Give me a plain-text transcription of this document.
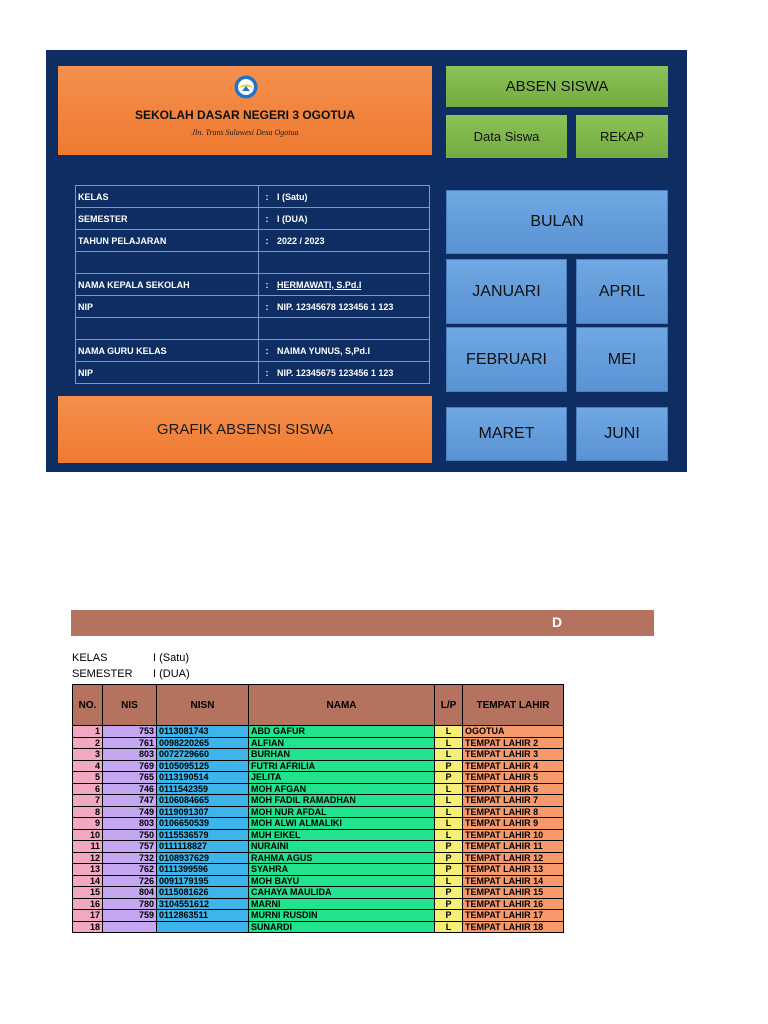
SEKOLAH DASAR NEGERI 3 OGOTUA
Jln. Trans Sulawesi Desa Ogotua
KELAS	:	I (Satu)
SEMESTER	:	I (DUA)
TAHUN PELAJARAN	:	2022 / 2023

NAMA KEPALA SEKOLAH	:	HERMAWATI, S.Pd.I
NIP	:	NIP. 12345678 123456 1 123

NAMA GURU KELAS	:	NAIMA YUNUS, S,Pd.I
NIP	:	NIP. 12345675 123456 1 123
GRAFIK ABSENSI SISWA
ABSEN SISWA
Data Siswa	REKAP
BULAN
JANUARI	APRIL
FEBRUARI	MEI
MARET	JUNI
D
KELAS	I (Satu)
SEMESTER I (DUA)
NO.	NIS	NISN	NAMA	L/P	TEMPAT LAHIR
1	753	0113081743	ABD GAFUR	L	OGOTUA
2	761	0098220265	ALFIAN	L	TEMPAT LAHIR 2
3	803	0072729660	BURHAN	L	TEMPAT LAHIR 3
4	769	0105095125	FUTRI AFRILIA	P	TEMPAT LAHIR 4
5	765	0113190514	JELITA	P	TEMPAT LAHIR 5
6	746	0111542359	MOH AFGAN	L	TEMPAT LAHIR 6
7	747	0106084665	MOH FADIL RAMADHAN	L	TEMPAT LAHIR 7
8	749	0119091307	MOH NUR AFDAL	L	TEMPAT LAHIR 8
9	803	0106650539	MOH ALWI ALMALIKI	L	TEMPAT LAHIR 9
10	750	0115536579	MUH EIKEL	L	TEMPAT LAHIR 10
11	757	0111118827	NURAINI	P	TEMPAT LAHIR 11
12	732	0108937629	RAHMA AGUS	P	TEMPAT LAHIR 12
13	762	0111399596	SYAHRA	P	TEMPAT LAHIR 13
14	726	0091179195	MOH BAYU	L	TEMPAT LAHIR 14
15	804	0115081626	CAHAYA MAULIDA	P	TEMPAT LAHIR 15
16	780	3104551612	MARNI	P	TEMPAT LAHIR 16
17	759	0112863511	MURNI RUSDIN	P	TEMPAT LAHIR 17
18			SUNARDI	L	TEMPAT LAHIR 18
